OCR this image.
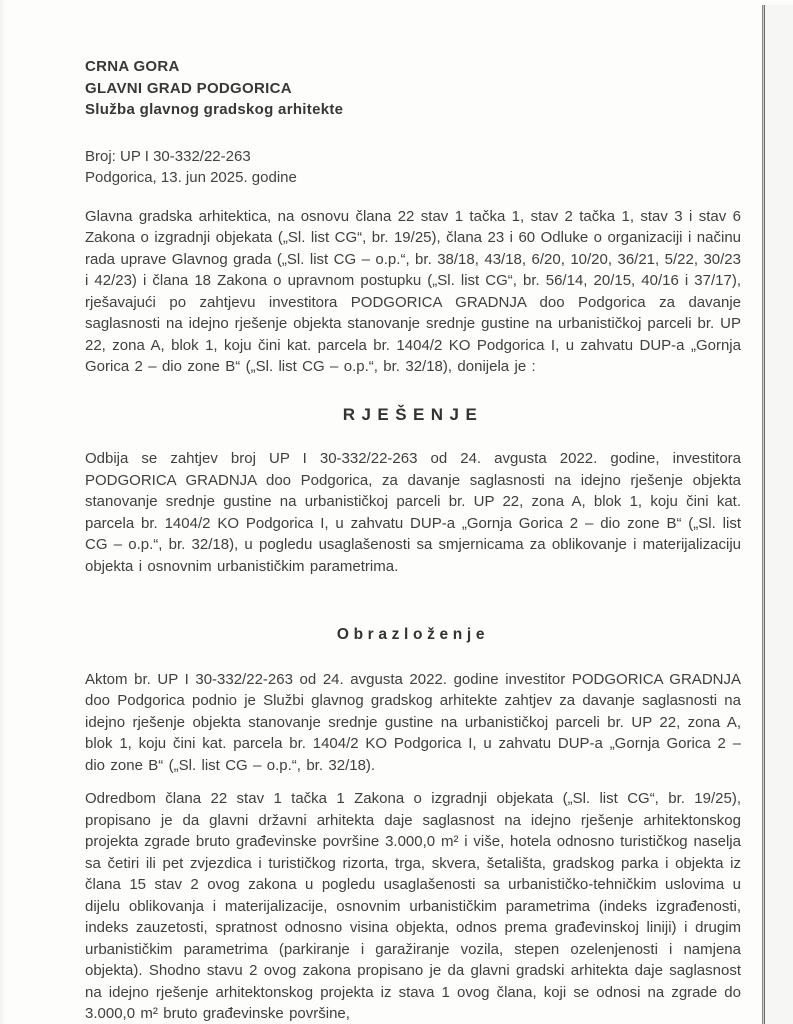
CRNA GORA
GLAVNI GRAD PODGORICA
Služba glavnog gradskog arhitekte
Broj: UP I 30-332/22-263
Podgorica, 13. jun 2025. godine

Glavna gradska arhitektica, na osnovu člana 22 stav 1 tačka 1, stav 2 tačka 1, stav 3 i stav 6 Zakona o izgradnji objekata („Sl. list CG“, br. 19/25), člana 23 i 60 Odluke o organizaciji i načinu rada uprave Glavnog grada („Sl. list CG – o.p.“, br. 38/18, 43/18, 6/20, 10/20, 36/21, 5/22, 30/23 i 42/23) i člana 18 Zakona o upravnom postupku („Sl. list CG“, br. 56/14, 20/15, 40/16 i 37/17), rješavajući po zahtjevu investitora PODGORICA GRADNJA doo Podgorica za davanje saglasnosti na idejno rješenje objekta stanovanje srednje gustine na urbanističkoj parceli br. UP 22, zona A, blok 1, koju čini kat. parcela br. 1404/2 KO Podgorica I, u zahvatu DUP-a „Gornja Gorica 2 – dio zone B“ („Sl. list CG – o.p.“, br. 32/18), donijela je :

RJEŠENJE

Odbija se zahtjev broj UP I 30-332/22-263 od 24. avgusta 2022. godine, investitora PODGORICA GRADNJA doo Podgorica, za davanje saglasnosti na idejno rješenje objekta stanovanje srednje gustine na urbanističkoj parceli br. UP 22, zona A, blok 1, koju čini kat. parcela br. 1404/2 KO Podgorica I, u zahvatu DUP-a „Gornja Gorica 2 – dio zone B“ („Sl. list CG – o.p.“, br. 32/18), u pogledu usaglašenosti sa smjernicama za oblikovanje i materijalizaciju objekta i osnovnim urbanističkim parametrima.

Obrazloženje

Aktom br. UP I 30-332/22-263 od 24. avgusta 2022. godine investitor PODGORICA GRADNJA doo Podgorica podnio je Službi glavnog gradskog arhitekte zahtjev za davanje saglasnosti na idejno rješenje objekta stanovanje srednje gustine na urbanističkoj parceli br. UP 22, zona A, blok 1, koju čini kat. parcela br. 1404/2 KO Podgorica I, u zahvatu DUP-a „Gornja Gorica 2 – dio zone B“ („Sl. list CG – o.p.“, br. 32/18).

Odredbom člana 22 stav 1 tačka 1 Zakona o izgradnji objekata („Sl. list CG“, br. 19/25), propisano je da glavni državni arhitekta daje saglasnost na idejno rješenje arhitektonskog projekta zgrade bruto građevinske površine 3.000,0 m² i više, hotela odnosno turističkog naselja sa četiri ili pet zvjezdica i turističkog rizorta, trga, skvera, šetališta, gradskog parka i objekta iz člana 15 stav 2 ovog zakona u pogledu usaglašenosti sa urbanističko-tehničkim uslovima u dijelu oblikovanja i materijalizacije, osnovnim urbanističkim parametrima (indeks izgrađenosti, indeks zauzetosti, spratnost odnosno visina objekta, odnos prema građevinskoj liniji) i drugim urbanističkim parametrima (parkiranje i garažiranje vozila, stepen ozelenjenosti i namjena objekta). Shodno stavu 2 ovog zakona propisano je da glavni gradski arhitekta daje saglasnost na idejno rješenje arhitektonskog projekta iz stava 1 ovog člana, koji se odnosi na zgrade do 3.000,0 m² bruto građevinske površine,
